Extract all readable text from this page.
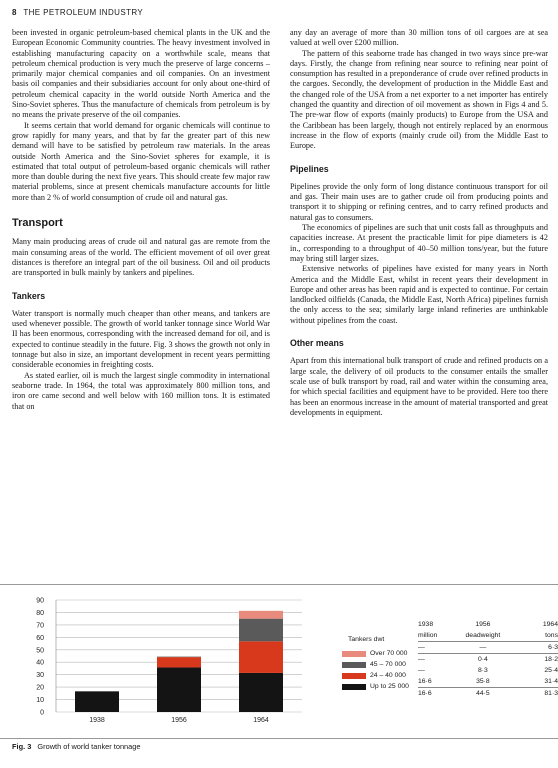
8 THE PETROLEUM INDUSTRY

been invested in organic petroleum-based chemical plants in the UK and the European Economic Community countries. The heavy investment involved in establishing manufacturing capacity on a worthwhile scale, means that petroleum chemical production is very much the preserve of large concerns – primarily major chemical companies and oil companies. On an investment basis oil companies and their subsidiaries account for only about one-third of petroleum chemical capacity in the world outside North America and the Sino-Soviet spheres. Thus the manufacture of chemicals from petroleum is by no means the private preserve of the oil companies.

It seems certain that world demand for organic chemicals will continue to grow rapidly for many years, and that by far the greater part of this new demand will have to be satisfied by petroleum raw materials. In the areas outside North America and the Sino-Soviet spheres for example, it is estimated that total output of petroleum-based organic chemicals will rather more than double during the next five years. This should create few major raw material problems, since at present chemicals manufacture accounts for little more than 2 % of world consumption of crude oil and natural gas.

Transport

Many main producing areas of crude oil and natural gas are remote from the main consuming areas of the world. The efficient movement of oil over great distances is therefore an integral part of the oil business. Oil and oil products are transported in bulk mainly by tankers and pipelines.

Tankers

Water transport is normally much cheaper than other means, and tankers are used whenever possible. The growth of world tanker tonnage since World War II has been enormous, corresponding with the increased demand for oil, and is expected to continue steadily in the future. Fig. 3 shows the growth not only in tonnage but also in size, an important development in recent years permitting considerable economies in freighting costs.

As stated earlier, oil is much the largest single commodity in international seaborne trade. In 1964, the total was approximately 800 million tons, and iron ore came second and well below with 160 million tons. It is estimated that on

any day an average of more than 30 million tons of oil cargoes are at sea valued at well over £200 million.

The pattern of this seaborne trade has changed in two ways since pre-war days. Firstly, the change from refining near source to refining near point of consumption has resulted in a preponderance of crude over refined products in the cargoes. Secondly, the development of production in the Middle East and the changed role of the USA from a net exporter to a net importer has entirely changed the quantity and direction of oil movement as shown in Figs 4 and 5. The pre-war flow of exports (mainly products) to Europe from the USA and the Caribbean has been largely, though not entirely replaced by an enormous increase in the flow of exports (mainly crude oil) from the Middle East to Europe.

Pipelines

Pipelines provide the only form of long distance continuous transport for oil and gas. Their main uses are to gather crude oil from producing points and transport it to shipping or refining centres, and to carry refined products and natural gas to consumers.

The economics of pipelines are such that unit costs fall as throughputs and capacities increase. At present the practicable limit for pipe diameters is 42 in., corresponding to a throughput of 40–50 million tons/year, but the future may bring still larger sizes.

Extensive networks of pipelines have existed for many years in North America and the Middle East, whilst in recent years their development in Europe and other areas has been rapid and is expected to continue. For certain landlocked oilfields (Canada, the Middle East, North Africa) pipelines furnish the only access to the sea; similarly large inland refineries are unthinkable without pipelines from the coast.

Other means

Apart from this international bulk transport of crude and refined products on a large scale, the delivery of oil products to the consumer entails the smaller scale use of bulk transport by road, rail and water within the consuming area, for which special facilities and equipment have to be provided. Here too there has been an enormous increase in the amount of material transported and great developments in equipment.

0
10
20
30
40
50
60
70
80
90
1938	1956	1964
Tankers dwt
Over 70 000
45 – 70 000
24 – 40 000
Up to 25 000
1938	1956	1964
million	deadweight	tons
—	—	6·3
—	0·4	18·2
—	8·3	25·4
16·6	35·8	31·4
16·6	44·5	81·3
Fig. 3 Growth of world tanker tonnage
